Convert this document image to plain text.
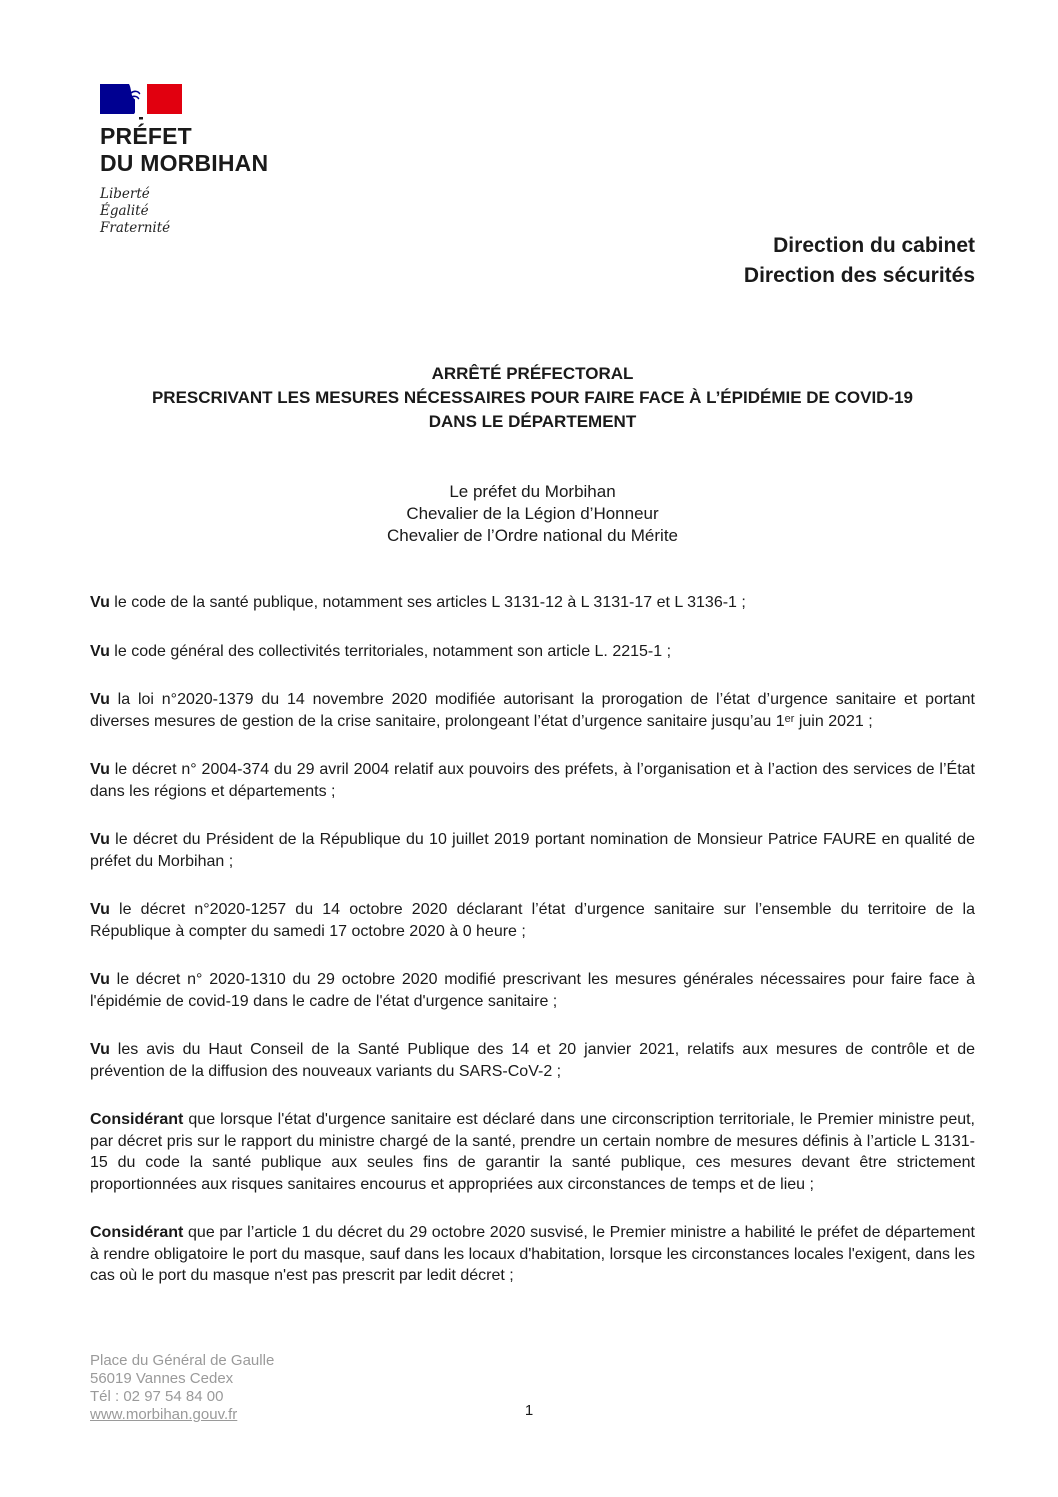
PRÉFET
DU MORBIHAN
Liberté
Égalité
Fraternité
Direction du cabinet
Direction des sécurités
ARRÊTÉ PRÉFECTORAL
PRESCRIVANT LES MESURES NÉCESSAIRES POUR FAIRE FACE À L’ÉPIDÉMIE DE COVID-19
DANS LE DÉPARTEMENT
Le préfet du Morbihan
Chevalier de la Légion d’Honneur
Chevalier de l’Ordre national du Mérite

Vu le code de la santé publique, notamment ses articles L 3131-12 à L 3131-17 et L 3136-1 ;

Vu le code général des collectivités territoriales, notamment son article L. 2215-1 ;

Vu la loi n°2020-1379 du 14 novembre 2020 modifiée autorisant la prorogation de l’état d’urgence sanitaire et portant diverses mesures de gestion de la crise sanitaire, prolongeant l’état d’urgence sanitaire jusqu’au 1ᵉʳ juin 2021 ;

Vu le décret n° 2004-374 du 29 avril 2004 relatif aux pouvoirs des préfets, à l’organisation et à l’action des services de l’État dans les régions et départements ;

Vu le décret du Président de la République du 10 juillet 2019 portant nomination de Monsieur Patrice FAURE en qualité de préfet du Morbihan ;

Vu le décret n°2020-1257 du 14 octobre 2020 déclarant l’état d’urgence sanitaire sur l’ensemble du territoire de la République à compter du samedi 17 octobre 2020 à 0 heure ;

Vu le décret n° 2020-1310 du 29 octobre 2020 modifié prescrivant les mesures générales nécessaires pour faire face à l'épidémie de covid-19 dans le cadre de l'état d'urgence sanitaire ;

Vu les avis du Haut Conseil de la Santé Publique des 14 et 20 janvier 2021, relatifs aux mesures de contrôle et de prévention de la diffusion des nouveaux variants du SARS-CoV-2 ;

Considérant que lorsque l'état d'urgence sanitaire est déclaré dans une circonscription territoriale, le Premier ministre peut, par décret pris sur le rapport du ministre chargé de la santé, prendre un certain nombre de mesures définis à l’article L 3131-15 du code la santé publique aux seules fins de garantir la santé publique, ces mesures devant être strictement proportionnées aux risques sanitaires encourus et appropriées aux circonstances de temps et de lieu ;

Considérant que par l’article 1 du décret du 29 octobre 2020 susvisé, le Premier ministre a habilité le préfet de département à rendre obligatoire le port du masque, sauf dans les locaux d'habitation, lorsque les circonstances locales l'exigent, dans les cas où le port du masque n'est pas prescrit par ledit décret ;

Place du Général de Gaulle
56019 Vannes Cedex
Tél : 02 97 54 84 00
www.morbihan.gouv.fr	1
